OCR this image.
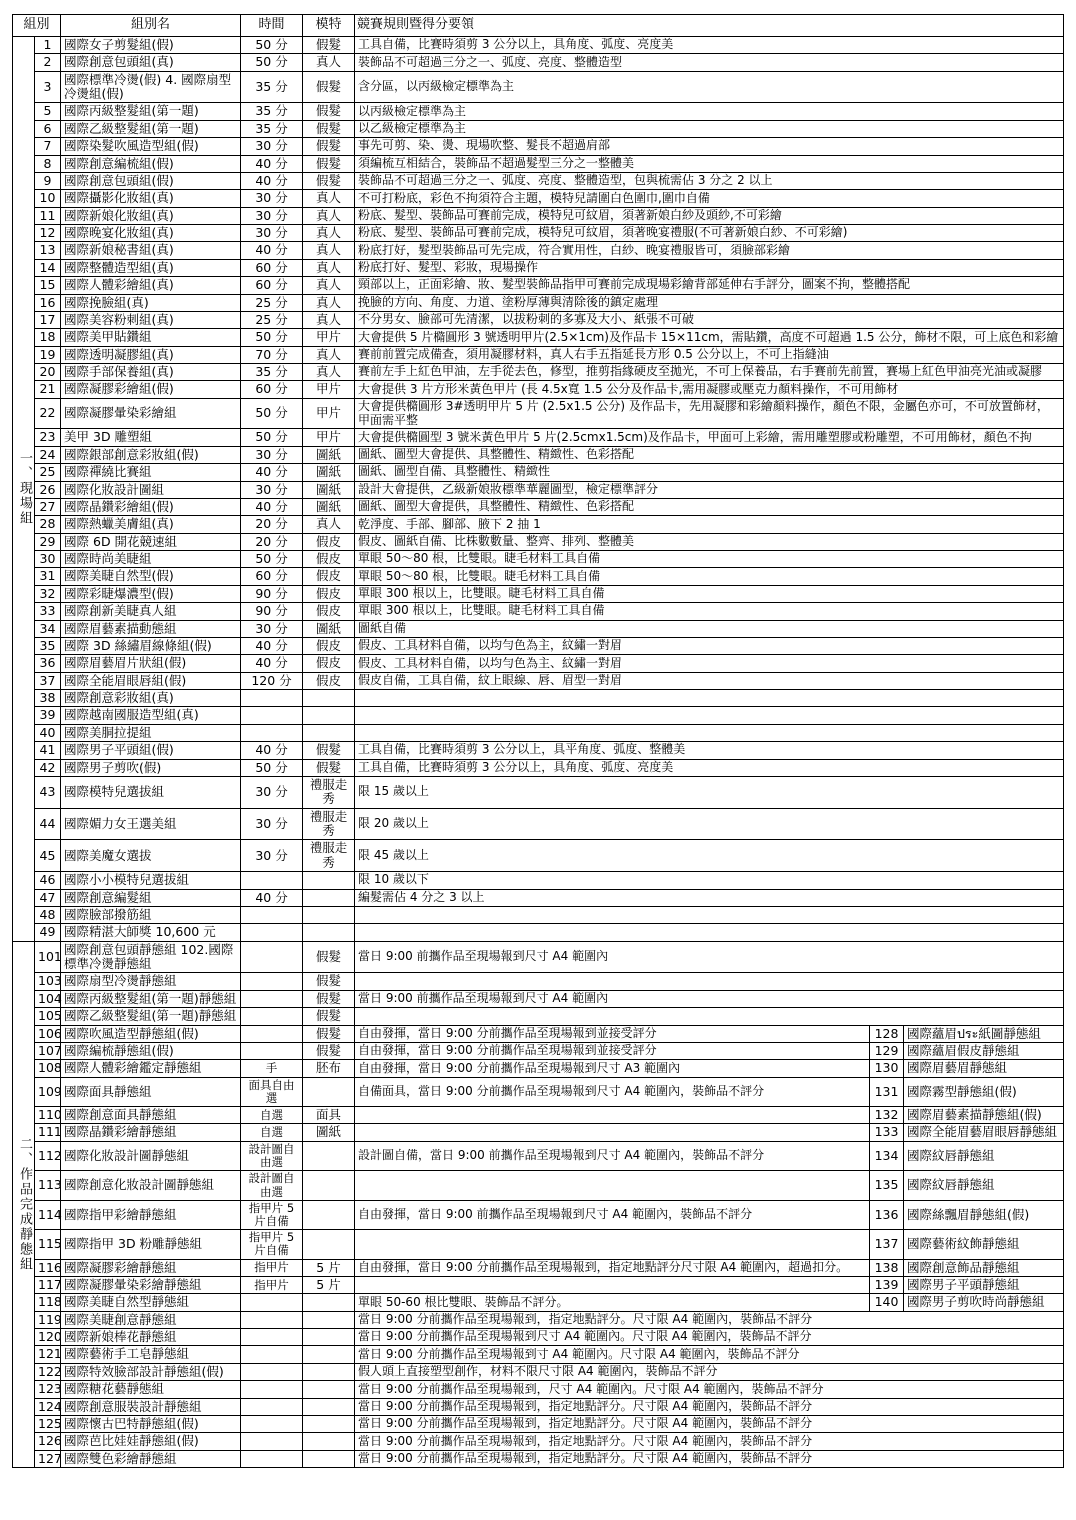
組別		組別名	時間	模特	競賽規則暨得分要領		
一、現場組	1	國際女子剪髮組(假)	50 分	假髮	工具自備，比賽時須剪 3 公分以上，具角度、弧度、亮度美		
	2	國際創意包頭組(真)	50 分	真人	裝飾品不可超過三分之一、弧度、亮度、整體造型		
	3	國際標準冷燙(假) 4. 國際扇型冷燙組(假)	35 分	假髮	含分區，以丙級檢定標準為主		
	5	國際丙級整髮組(第一題)	35 分	假髮	以丙級檢定標準為主		
	6	國際乙級整髮組(第一題)	35 分	假髮	以乙級檢定標準為主		
	7	國際染髮吹風造型組(假)	30 分	假髮	事先可剪、染、燙、現場吹整、髮長不超過肩部		
	8	國際創意編梳組(假)	40 分	假髮	須編梳互相結合，裝飾品不超過髮型三分之一整體美		
	9	國際創意包頭組(假)	40 分	假髮	裝飾品不可超過三分之一、弧度、亮度、整體造型，包與梳需佔 3 分之 2 以上		
	10	國際攝影化妝組(真)	30 分	真人	不可打粉底，彩色不拘須符合主題，模特兒請圍白色圍巾,圍巾自備		
	11	國際新娘化妝組(真)	30 分	真人	粉底、髮型、裝飾品可賽前完成，模特兒可紋眉，須著新娘白紗及頭紗,不可彩繪		
	12	國際晚宴化妝組(真)	30 分	真人	粉底、髮型、裝飾品可賽前完成，模特兒可紋眉，須著晚宴禮服(不可著新娘白紗、不可彩繪)		
	13	國際新娘秘書組(真)	40 分	真人	粉底打好，髮型裝飾品可先完成，符合實用性，白紗、晚宴禮服皆可，須臉部彩繪		
	14	國際整體造型組(真)	60 分	真人	粉底打好、髮型、彩妝，現場操作		
	15	國際人體彩繪組(真)	60 分	真人	頸部以上，正面彩繪、妝、髮型裝飾品指甲可賽前完成現場彩繪背部延伸右手評分，圖案不拘，整體搭配		
	16	國際挽臉組(真)	25 分	真人	挽臉的方向、角度、力道、塗粉厚薄與清除後的鎮定處理		
	17	國際美容粉刺組(真)	25 分	真人	不分男女、臉部可先清潔，以拔粉刺的多寡及大小、紙張不可破		
	18	國際美甲貼鑽組	50 分	甲片	大會提供 5 片橢圓形 3 號透明甲片(2.5×1cm)及作品卡 15×11cm，需貼鑽，高度不可超過 1.5 公分，飾材不限，可上底色和彩繪		
	19	國際透明凝膠組(真)	70 分	真人	賽前前置完成備查，須用凝膠材料，真人右手五指延長方形 0.5 公分以上，不可上指縫油		
	20	國際手部保養組(真)	35 分	真人	賽前左手上紅色甲油，左手從去色，修型，推剪指緣硬皮至拋光，不可上保養品，右手賽前先前置，賽場上紅色甲油亮光油或凝膠		
	21	國際凝膠彩繪組(假)	60 分	甲片	大會提供 3 片方形米黃色甲片 (長 4.5x寬 1.5 公分及作品卡,需用凝膠或壓克力顏料操作，不可用飾材		
	22	國際凝膠暈染彩繪組	50 分	甲片	大會提供橢圓形 3#透明甲片 5 片 (2.5x1.5 公分) 及作品卡，先用凝膠和彩繪顏料操作，顏色不限，金屬色亦可，不可放置飾材，甲面需平整		
	23	美甲 3D 雕塑組	50 分	甲片	大會提供橢圓型 3 號米黃色甲片 5 片(2.5cmx1.5cm)及作品卡，甲面可上彩繪，需用雕塑膠或粉雕塑，不可用飾材，顏色不拘		
	24	國際銀部創意彩妝組(假)	30 分	圖紙	圖紙、圖型大會提供、具整體性、精緻性、色彩搭配		
	25	國際禪繞比賽組	40 分	圖紙	圖紙、圖型自備、具整體性、精緻性		
	26	國際化妝設計圖組	30 分	圖紙	設計大會提供，乙級新娘妝標準華麗圖型，檢定標準評分		
	27	國際晶鑽彩繪組(假)	40 分	圖紙	圖紙、圖型大會提供，具整體性、精緻性、色彩搭配		
	28	國際熱蠟美膚組(真)	20 分	真人	乾淨度、手部、腳部、腋下 2 抽 1		
	29	國際 6D 開花競速組	20 分	假皮	假皮、圖紙自備、比株數數量、整齊、排列、整體美		
	30	國際時尚美睫組	50 分	假皮	單眼 50～80 根，比雙眼。睫毛材料工具自備		
	31	國際美睫自然型(假)	60 分	假皮	單眼 50～80 根，比雙眼。睫毛材料工具自備		
	32	國際彩睫爆濃型(假)	90 分	假皮	單眼 300 根以上，比雙眼。睫毛材料工具自備		
	33	國際創新美睫真人組	90 分	假皮	單眼 300 根以上，比雙眼。睫毛材料工具自備		
	34	國際眉藝素描動態組	30 分	圖紙	圖紙自備		
	35	國際 3D 絲繡眉線條組(假)	40 分	假皮	假皮、工具材料自備，以均勻色為主，紋繡一對眉		
	36	國際眉藝眉片狀組(假)	40 分	假皮	假皮、工具材料自備，以均勻色為主、紋繡一對眉		
	37	國際全能眉眼唇組(假)	120 分	假皮	假皮自備，工具自備，紋上眼線、唇、眉型一對眉		
	38	國際創意彩妝組(真)					
	39	國際越南國服造型組(真)					
	40	國際美胴拉提組					
	41	國際男子平頭組(假)	40 分	假髮	工具自備，比賽時須剪 3 公分以上，具平角度、弧度、整體美		
	42	國際男子剪吹(假)	50 分	假髮	工具自備，比賽時須剪 3 公分以上，具角度、弧度、亮度美		
	43	國際模特兒選拔組	30 分	禮服走秀	限 15 歲以上		
	44	國際媚力女王選美組	30 分	禮服走秀	限 20 歲以上		
	45	國際美魔女選拔	30 分	禮服走秀	限 45 歲以上		
	46	國際小小模特兒選拔組			限 10 歲以下		
	47	國際創意編髮組	40 分		編髮需佔 4 分之 3 以上		
	48	國際臉部撥筋組					
	49	國際精湛大師獎 10,600 元					
二、作品完成靜態組	101	國際創意包頭靜態組 102.國際標準冷燙靜態組		假髮	當日 9:00 前攜作品至現場報到尺寸 A4 範圍內		
	103	國際扇型冷燙靜態組		假髮			
	104	國際丙級整髮組(第一題)靜態組		假髮	當日 9:00 前攜作品至現場報到尺寸 A4 範圍內		
	105	國際乙級整髮組(第一題)靜態組		假髮			
	106	國際吹風造型靜態組(假)		假髮	自由發揮，當日 9:00 分前攜作品至現場報到並接受評分	128	國際蘊眉ประ紙圖靜態組
	107	國際編梳靜態組(假)		假髮	自由發揮，當日 9:00 分前攜作品至現場報到並接受評分	129	國際蘊眉假皮靜態組
	108	國際人體彩繪鑑定靜態組	手	胚布	自由發揮，當日 9:00 分前攜作品至現場報到尺寸 A3 範圍內	130	國際眉藝眉靜態組
	109	國際面具靜態組	面具自由選		自備面具，當日 9:00 分前攜作品至現場報到尺寸 A4 範圍內，裝飾品不評分	131	國際霧型靜態組(假)
	110	國際創意面具靜態組	自選	面具		132	國際眉藝素描靜態組(假)
	111	國際晶鑽彩繪靜態組	自選	圖紙		133	國際全能眉藝眉眼唇靜態組
	112	國際化妝設計圖靜態組	設計圖自由選		設計圖自備，當日 9:00 前攜作品至現場報到尺寸 A4 範圍內，裝飾品不評分	134	國際紋唇靜態組
	113	國際創意化妝設計圖靜態組	設計圖自由選			135	國際紋唇靜態組
	114	國際指甲彩繪靜態組	指甲片 5 片自備		自由發揮，當日 9:00 前攜作品至現場報到尺寸 A4 範圍內，裝飾品不評分	136	國際絲飄眉靜態組(假)
	115	國際指甲 3D 粉雕靜態組	指甲片 5 片自備			137	國際藝術紋飾靜態組
	116	國際凝膠彩繪靜態組	指甲片	5 片	自由發揮，當日 9:00 分前攜作品至現場報到，指定地點評分尺寸限 A4 範圍內，超過扣分。	138	國際創意飾品靜態組
	117	國際凝膠暈染彩繪靜態組	指甲片	5 片		139	國際男子平頭靜態組
	118	國際美睫自然型靜態組			單眼 50-60 根比雙眼、裝飾品不評分。	140	國際男子剪吹時尚靜態組
	119	國際美睫創意靜態組			當日 9:00 分前攜作品至現場報到，指定地點評分。尺寸限 A4 範圍內，裝飾品不評分		
	120	國際新娘棒花靜態組			當日 9:00 分前攜作品至現場報到尺寸 A4 範圍內。尺寸限 A4 範圍內，裝飾品不評分		
	121	國際藝術手工皂靜態組			當日 9:00 分前攜作品至現場報到寸 A4 範圍內。尺寸限 A4 範圍內，裝飾品不評分		
	122	國際特效臉部設計靜態組(假)			假人頭上直接塑型創作，材料不限尺寸限 A4 範圍內，裝飾品不評分		
	123	國際糖花藝靜態組			當日 9:00 分前攜作品至現場報到，尺寸 A4 範圍內。尺寸限 A4 範圍內，裝飾品不評分		
	124	國際創意服裝設計靜態組			當日 9:00 分前攜作品至現場報到，指定地點評分。尺寸限 A4 範圍內，裝飾品不評分		
	125	國際懷古巴特靜態組(假)			當日 9:00 分前攜作品至現場報到，指定地點評分。尺寸限 A4 範圍內，裝飾品不評分		
	126	國際芭比娃娃靜態組(假)			當日 9:00 分前攜作品至現場報到，指定地點評分。尺寸限 A4 範圍內，裝飾品不評分		
	127	國際雙色彩繪靜態組			當日 9:00 分前攜作品至現場報到，指定地點評分。尺寸限 A4 範圍內，裝飾品不評分		
